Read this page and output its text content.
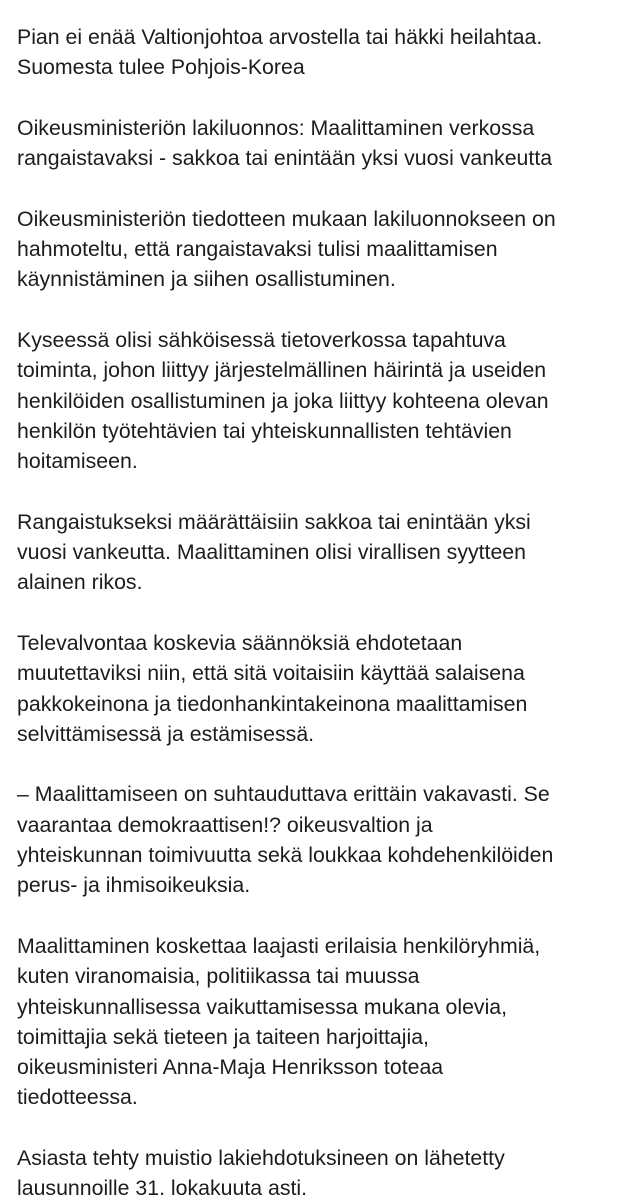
Pian ei enää Valtionjohtoa arvostella tai häkki heilahtaa.
Suomesta tulee Pohjois-Korea

Oikeusministeriön lakiluonnos: Maalittaminen verkossa
rangaistavaksi - sakkoa tai enintään yksi vuosi vankeutta

Oikeusministeriön tiedotteen mukaan lakiluonnokseen on
hahmoteltu, että rangaistavaksi tulisi maalittamisen
käynnistäminen ja siihen osallistuminen.

Kyseessä olisi sähköisessä tietoverkossa tapahtuva
toiminta, johon liittyy järjestelmällinen häirintä ja useiden
henkilöiden osallistuminen ja joka liittyy kohteena olevan
henkilön työtehtävien tai yhteiskunnallisten tehtävien
hoitamiseen.

Rangaistukseksi määrättäisiin sakkoa tai enintään yksi
vuosi vankeutta. Maalittaminen olisi virallisen syytteen
alainen rikos.

Televalvontaa koskevia säännöksiä ehdotetaan
muutettaviksi niin, että sitä voitaisiin käyttää salaisena
pakkokeinona ja tiedonhankintakeinona maalittamisen
selvittämisessä ja estämisessä.

– Maalittamiseen on suhtauduttava erittäin vakavasti. Se
vaarantaa demokraattisen!? oikeusvaltion ja
yhteiskunnan toimivuutta sekä loukkaa kohdehenkilöiden
perus- ja ihmisoikeuksia.

Maalittaminen koskettaa laajasti erilaisia henkilöryhmiä,
kuten viranomaisia, politiikassa tai muussa
yhteiskunnallisessa vaikuttamisessa mukana olevia,
toimittajia sekä tieteen ja taiteen harjoittajia,
oikeusministeri Anna-Maja Henriksson toteaa
tiedotteessa.

Asiasta tehty muistio lakiehdotuksineen on lähetetty
lausunnoille 31. lokakuuta asti.
